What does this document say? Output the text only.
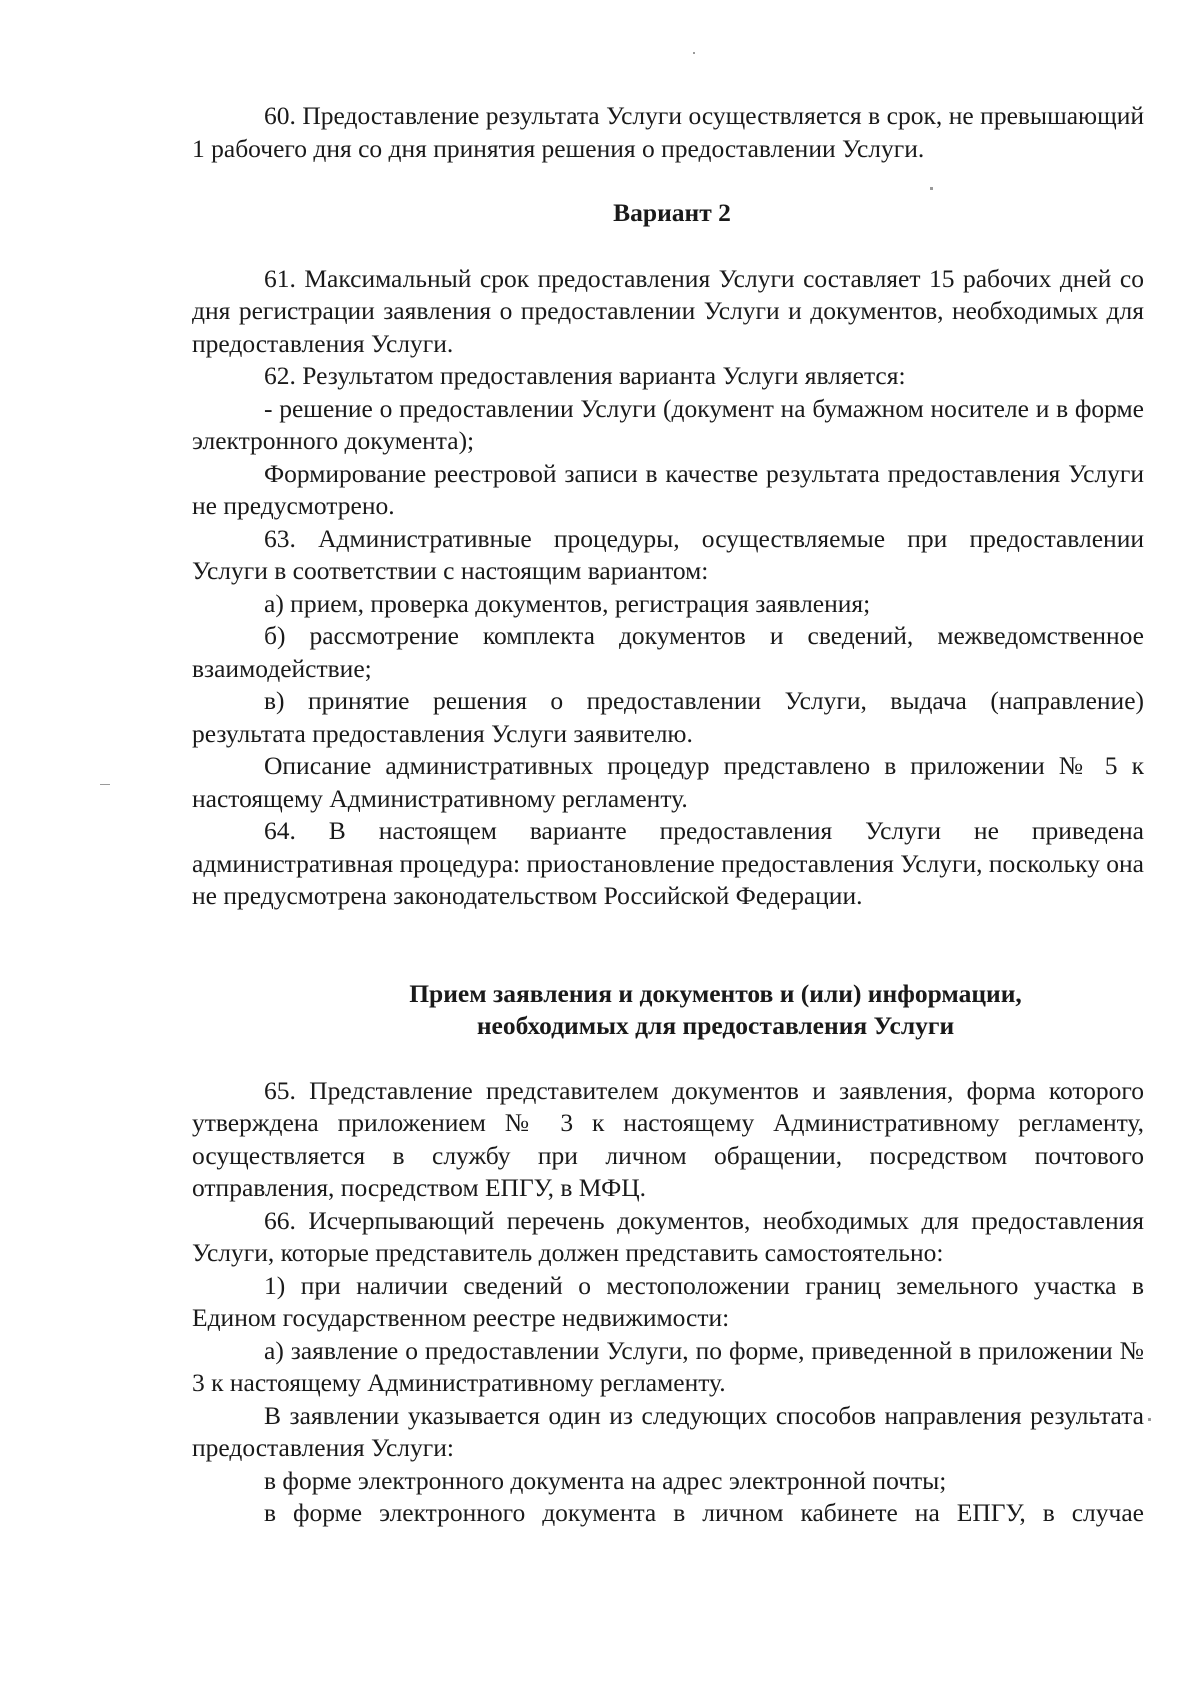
60. Предоставление результата Услуги осуществляется в срок, не превышающий 1 рабочего дня со дня принятия решения о предоставлении Услуги.

Вариант 2

61. Максимальный срок предоставления Услуги составляет 15 рабочих дней со дня регистрации заявления о предоставлении Услуги и документов, необходимых для предоставления Услуги.

62. Результатом предоставления варианта Услуги является:

- решение о предоставлении Услуги (документ на бумажном носителе и в форме электронного документа);

Формирование реестровой записи в качестве результата предоставления Услуги не предусмотрено.

63. Административные процедуры, осуществляемые при предоставлении Услуги в соответствии с настоящим вариантом:

а) прием, проверка документов, регистрация заявления;

б) рассмотрение комплекта документов и сведений, межведомственное взаимодействие;

в) принятие решения о предоставлении Услуги, выдача (направление) результата предоставления Услуги заявителю.

Описание административных процедур представлено в приложении № 5 к настоящему Административному регламенту.

64. В настоящем варианте предоставления Услуги не приведена административная процедура: приостановление предоставления Услуги, поскольку она не предусмотрена законодательством Российской Федерации.

Прием заявления и документов и (или) информации,
необходимых для предоставления Услуги

65. Представление представителем документов и заявления, форма которого утверждена приложением № 3 к настоящему Административному регламенту, осуществляется в службу при личном обращении, посредством почтового отправления, посредством ЕПГУ, в МФЦ.

66. Исчерпывающий перечень документов, необходимых для предоставления Услуги, которые представитель должен представить самостоятельно:

1) при наличии сведений о местоположении границ земельного участка в Едином государственном реестре недвижимости:

а) заявление о предоставлении Услуги, по форме, приведенной в приложении № 3 к настоящему Административному регламенту.

В заявлении указывается один из следующих способов направления результата предоставления Услуги:

в форме электронного документа на адрес электронной почты;

в форме электронного документа в личном кабинете на ЕПГУ, в случае
